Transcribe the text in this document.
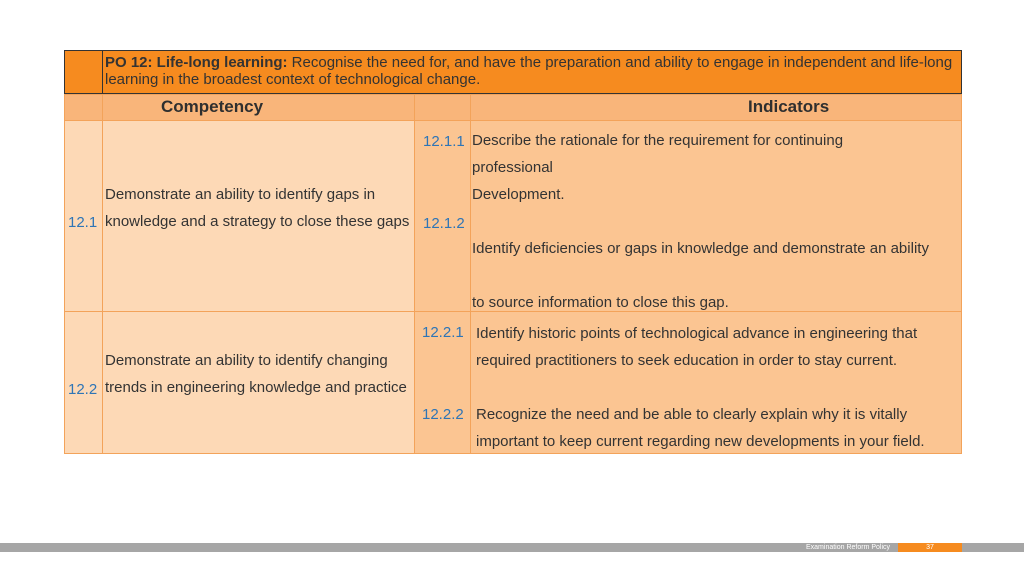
PO 12: Life-long learning: Recognise the need for, and have the preparation and ability to engage in independent and life-long learning in the broadest context of technological change.
Competency	Indicators
12.1
Demonstrate an ability to identify gaps in knowledge and a strategy to close these gaps
12.1.1
12.1.2
Describe the rationale for the requirement for continuing professional
Development.
Identify deficiencies or gaps in knowledge and demonstrate an ability
to source information to close this gap.
12.2
Demonstrate an ability to identify changing trends in engineering knowledge and practice
12.2.1
12.2.2
Identify historic points of technological advance in engineering that required practitioners to seek education in order to stay current.
Recognize the need and be able to clearly explain why it is vitally important to keep current regarding new developments in your field.
Examination Reform Policy	37
